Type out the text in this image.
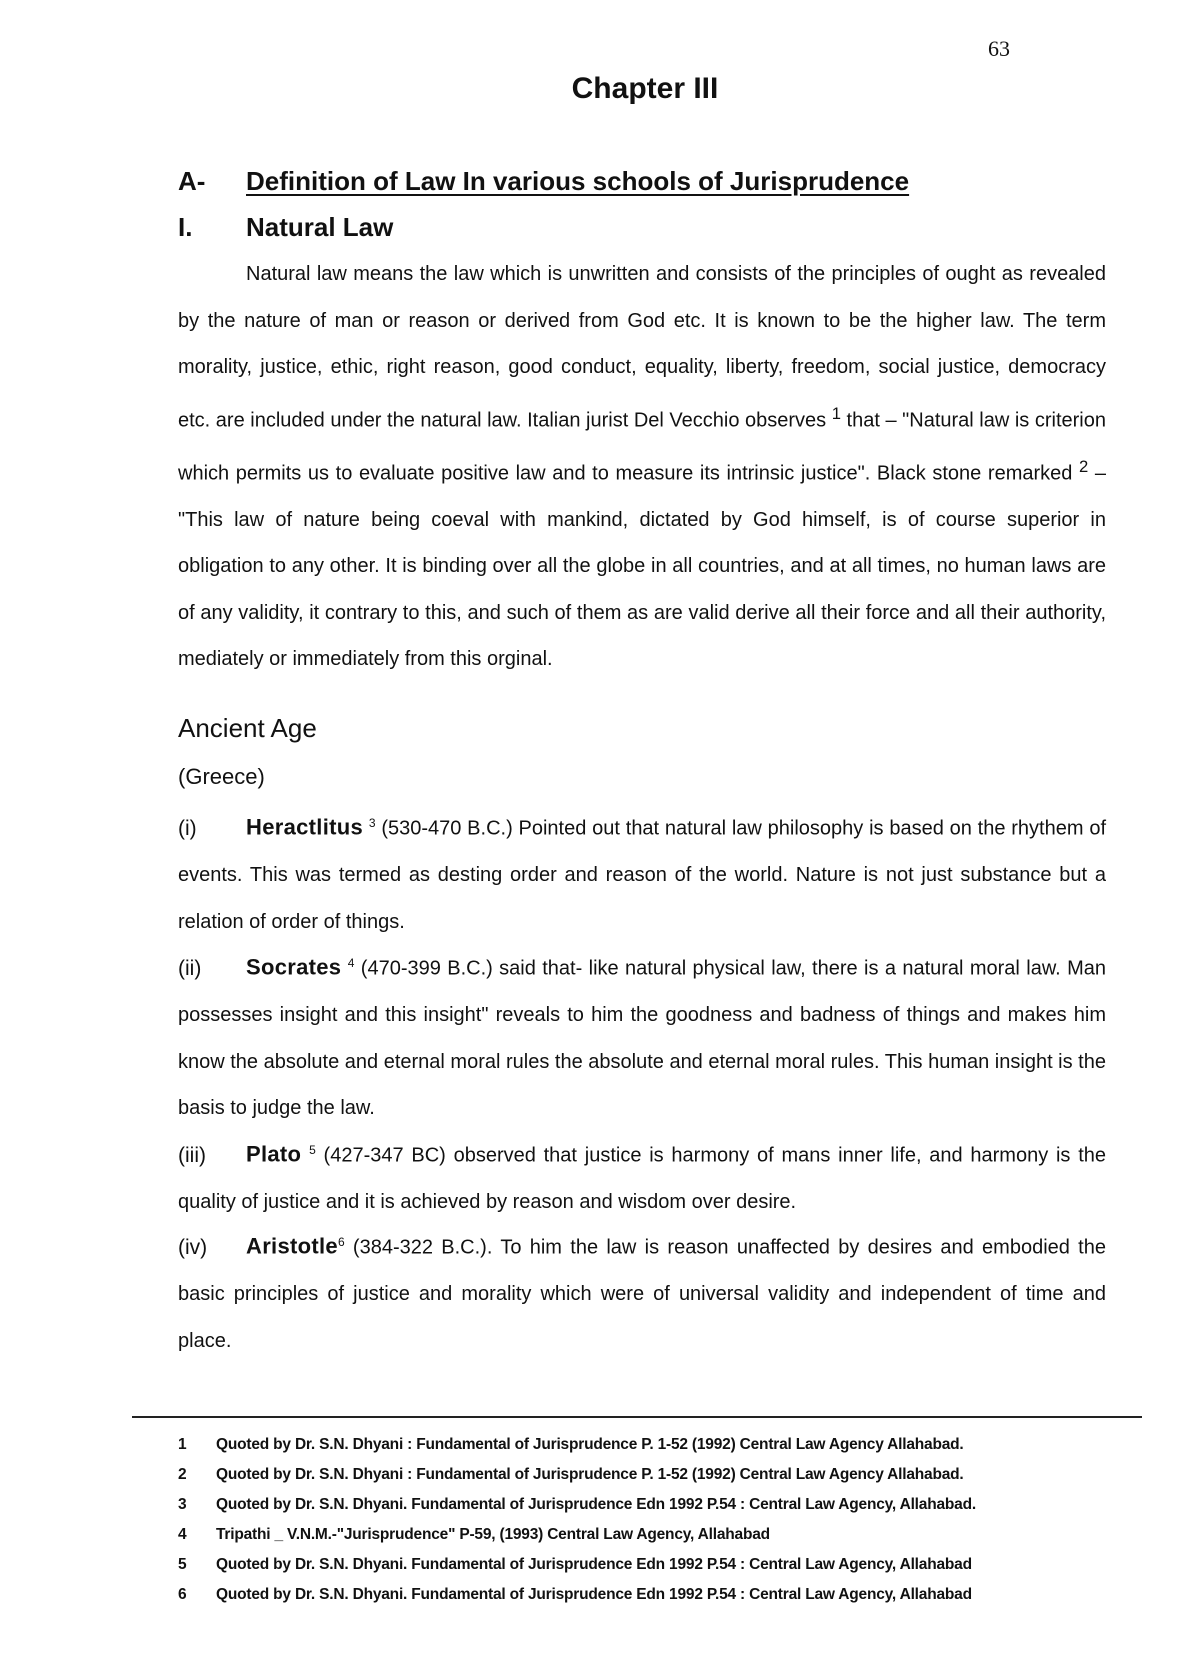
63
Chapter III
A- Definition of Law In various schools of Jurisprudence
I. Natural Law

Natural law means the law which is unwritten and consists of the principles of ought as revealed by the nature of man or reason or derived from God etc. It is known to be the higher law. The term morality, justice, ethic, right reason, good conduct, equality, liberty, freedom, social justice, democracy etc. are included under the natural law. Italian jurist Del Vecchio observes $^1$ that – "Natural law is criterion which permits us to evaluate positive law and to measure its intrinsic justice". Black stone remarked $^2$ – "This law of nature being coeval with mankind, dictated by God himself, is of course superior in obligation to any other. It is binding over all the globe in all countries, and at all times, no human laws are of any validity, it contrary to this, and such of them as are valid derive all their force and all their authority, mediately or immediately from this orginal.

Ancient Age
(Greece)

(i) Heractlitus $^3$ (530-470 B.C.) Pointed out that natural law philosophy is based on the rhythem of events. This was termed as desting order and reason of the world. Nature is not just substance but a relation of order of things.

(ii) Socrates $^4$ (470-399 B.C.) said that- like natural physical law, there is a natural moral law. Man possesses insight and this insight" reveals to him the goodness and badness of things and makes him know the absolute and eternal moral rules the absolute and eternal moral rules. This human insight is the basis to judge the law.

(iii) Plato $^5$ (427-347 BC) observed that justice is harmony of mans inner life, and harmony is the quality of justice and it is achieved by reason and wisdom over desire.

(iv) Aristotle$^6$ (384-322 B.C.). To him the law is reason unaffected by desires and embodied the basic principles of justice and morality which were of universal validity and independent of time and place.

1 Quoted by Dr. S.N. Dhyani : Fundamental of Jurisprudence P. 1-52 (1992) Central Law Agency Allahabad.
2 Quoted by Dr. S.N. Dhyani : Fundamental of Jurisprudence P. 1-52 (1992) Central Law Agency Allahabad.
3 Quoted by Dr. S.N. Dhyani. Fundamental of Jurisprudence Edn 1992 P.54 : Central Law Agency, Allahabad.
4 Tripathi _ V.N.M.-"Jurisprudence" P-59, (1993) Central Law Agency, Allahabad
5 Quoted by Dr. S.N. Dhyani. Fundamental of Jurisprudence Edn 1992 P.54 : Central Law Agency, Allahabad
6 Quoted by Dr. S.N. Dhyani. Fundamental of Jurisprudence Edn 1992 P.54 : Central Law Agency, Allahabad
